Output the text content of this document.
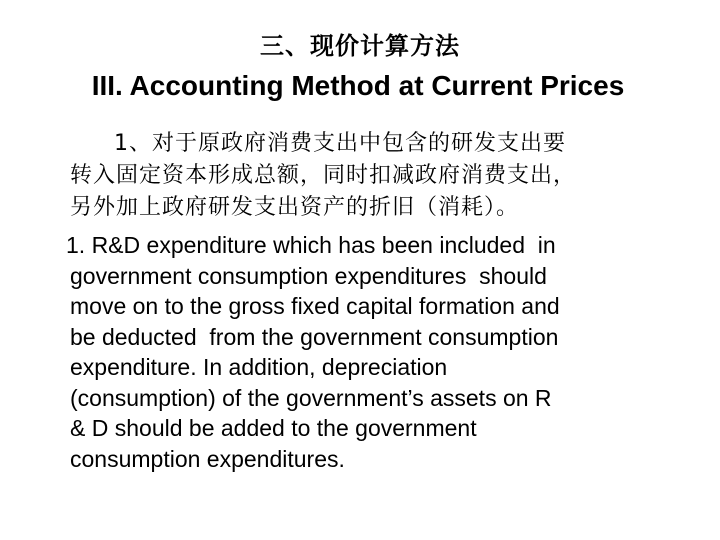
三、现价计算方法
III. Accounting Method at Current Prices
1、对于原政府消费支出中包含的研发支出要
转入固定资本形成总额，同时扣减政府消费支出，
另外加上政府研发支出资产的折旧（消耗）。
1. R&D expenditure which has been included  in
government consumption expenditures  should
move on to the gross fixed capital formation and
be deducted  from the government consumption
expenditure. In addition, depreciation
(consumption) of the government’s assets on R
& D should be added to the government
consumption expenditures.
